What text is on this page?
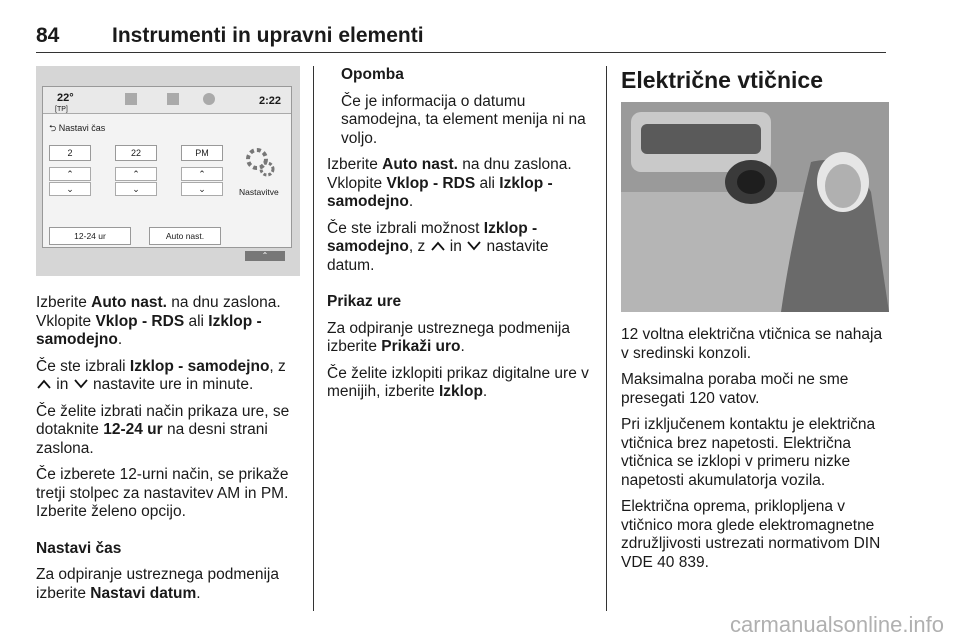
84	Instrumenti in upravni elementi
22°
[TP]
2:22
⮌ Nastavi čas
2	22	PM
⌃
⌄
⌃
⌄
⌃
⌄
12-24 ur	Auto nast.
Nastavitve
⌃

Izberite Auto nast. na dnu zaslona. Vklopite Vklop - RDS ali Izklop - samodejno.

Če ste izbrali Izklop - samodejno, z  in  nastavite ure in minute.

Če želite izbrati način prikaza ure, se dotaknite 12-24 ur na desni strani zaslona.

Če izberete 12-urni način, se prikaže tretji stolpec za nastavitev AM in PM. Izberite želeno opcijo.

Nastavi čas

Za odpiranje ustreznega podmenija izberite Nastavi datum.

Opomba

Če je informacija o datumu samodejna, ta element menija ni na voljo.

Izberite Auto nast. na dnu zaslona. Vklopite Vklop - RDS ali Izklop - samodejno.

Če ste izbrali možnost Izklop - samodejno, z  in  nastavite datum.

Prikaz ure

Za odpiranje ustreznega podmenija izberite Prikaži uro.

Če želite izklopiti prikaz digitalne ure v menijih, izberite Izklop.

Električne vtičnice

12 voltna električna vtičnica se nahaja v sredinski konzoli.

Maksimalna poraba moči ne sme presegati 120 vatov.

Pri izključenem kontaktu je električna vtičnica brez napetosti. Električna vtičnica se izklopi v primeru nizke napetosti akumulatorja vozila.

Električna oprema, priklopljena v vtičnico mora glede elektromagnetne združljivosti ustrezati normativom DIN VDE 40 839.

carmanualsonline.info
